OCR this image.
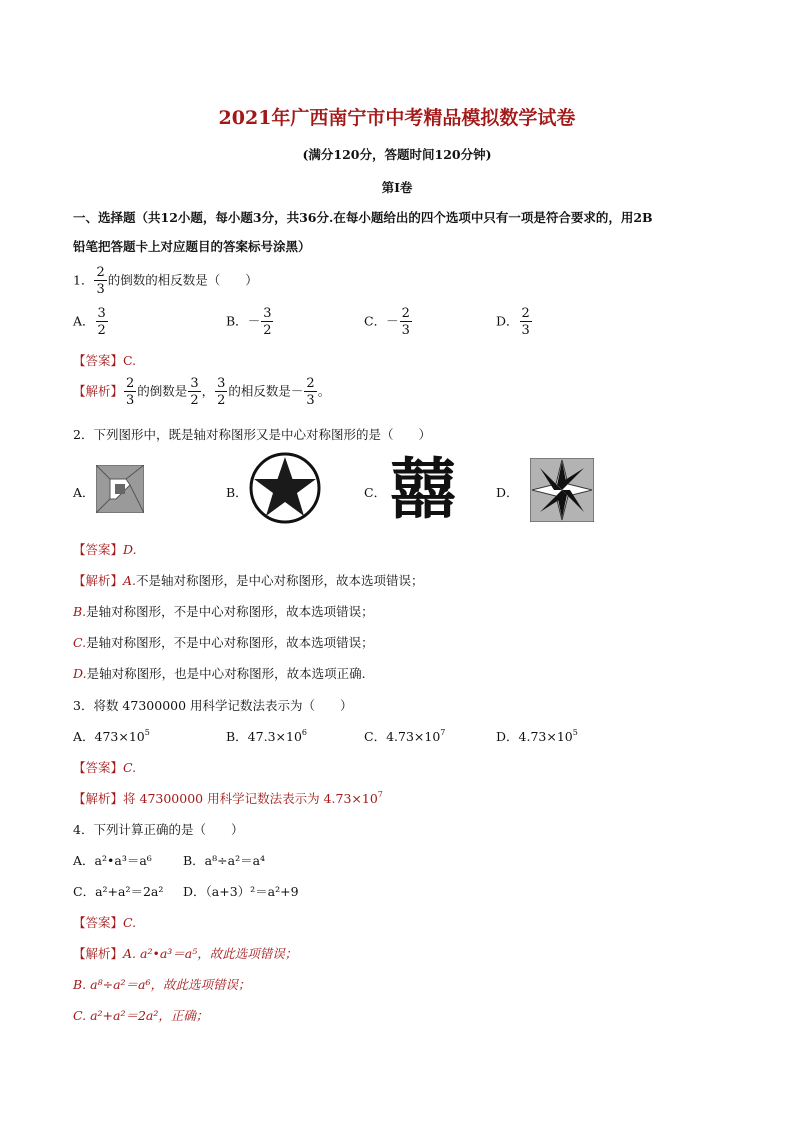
2021年广西南宁市中考精品模拟数学试卷
(满分120分，答题时间120分钟)
第Ⅰ卷
一、选择题（共12小题，每小题3分，共36分.在每小题给出的四个选项中只有一项是符合要求的，用2B
铅笔把答题卡上对应题目的答案标号涂黑）
1． $\frac{2}{3}$ 的倒数的相反数是（　　）
A． $\frac{3}{2}$	B．－ $\frac{3}{2}$	C．－ $\frac{2}{3}$	D． $\frac{2}{3}$
【答案】C.
【解析】 $\frac{2}{3}$ 的倒数是 $\frac{3}{2}$ ， $\frac{3}{2}$ 的相反数是－ $\frac{2}{3}$ 。
2．下列图形中，既是轴对称图形又是中心对称图形的是（　　）
A．	B．	C． 囍	D．
【答案】D.
【解析】A.不是轴对称图形，是中心对称图形，故本选项错误；
B.是轴对称图形，不是中心对称图形，故本选项错误；
C.是轴对称图形，不是中心对称图形，故本选项错误；
D.是轴对称图形，也是中心对称图形，故本选项正确.
3．将数 47300000 用科学记数法表示为（　　）
A．$473\times 10^5$	B．$47.3\times 10^6$	C．$4.73\times 10^7$	D．$4.73\times 10^5$
【答案】C.
【解析】将 47300000 用科学记数法表示为 $4.73\times 10^7$
4．下列计算正确的是（　　）
A．a²•a³＝a⁶ B．a⁸÷a²＝a⁴
C．a²+a²＝2a² D．（a+3）²＝a²+9
【答案】C.
【解析】A. a²•a³＝a⁵，故此选项错误；
B. a⁸÷a²＝a⁶，故此选项错误；
C. a²+a²＝2a²，正确；
